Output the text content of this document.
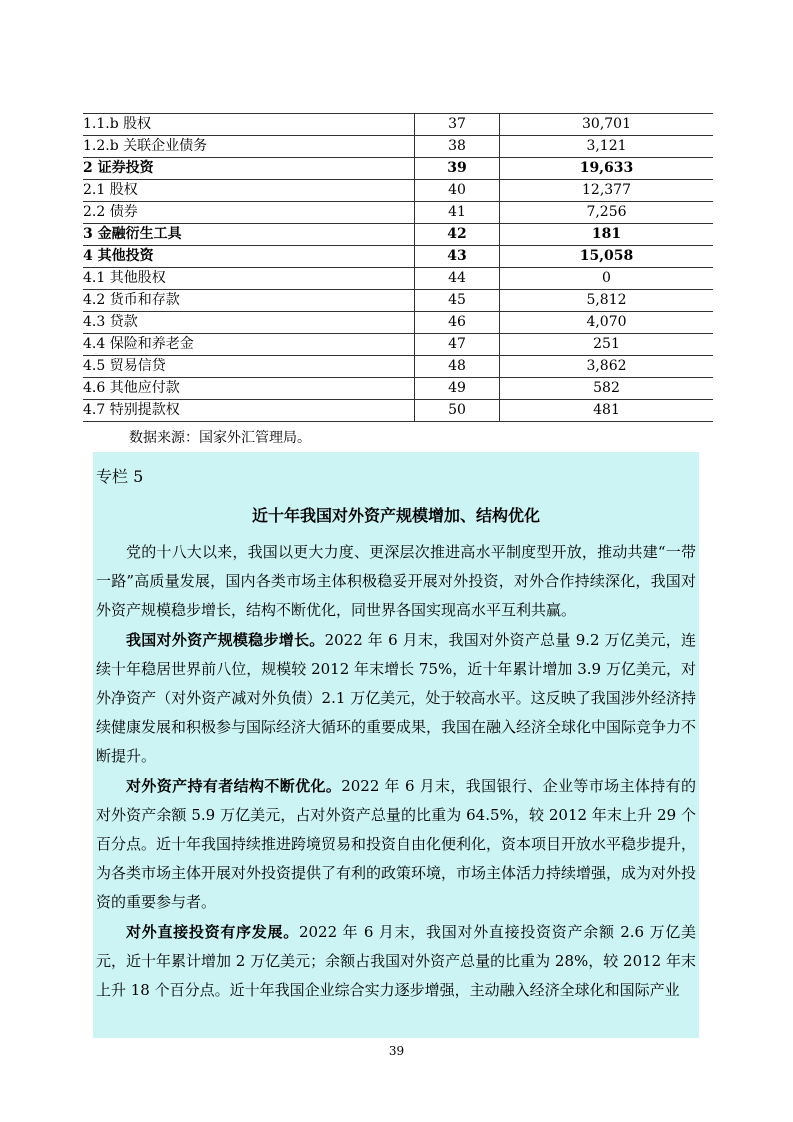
1.1.b 股权	37	30,701
1.2.b 关联企业债务	38	3,121
2 证券投资	39	19,633
2.1 股权	40	12,377
2.2 债券	41	7,256
3 金融衍生工具	42	181
4 其他投资	43	15,058
4.1 其他股权	44	0
4.2 货币和存款	45	5,812
4.3 贷款	46	4,070
4.4 保险和养老金	47	251
4.5 贸易信贷	48	3,862
4.6 其他应付款	49	582
4.7 特别提款权	50	481

数据来源：国家外汇管理局。

专栏 5

近十年我国对外资产规模增加、结构优化

党的十八大以来，我国以更大力度、更深层次推进高水平制度型开放，推动共建“一带一路”高质量发展，国内各类市场主体积极稳妥开展对外投资，对外合作持续深化，我国对外资产规模稳步增长，结构不断优化，同世界各国实现高水平互利共赢。

我国对外资产规模稳步增长。2022 年 6 月末，我国对外资产总量 9.2 万亿美元，连续十年稳居世界前八位，规模较 2012 年末增长 75%，近十年累计增加 3.9 万亿美元，对外净资产（对外资产减对外负债）2.1 万亿美元，处于较高水平。这反映了我国涉外经济持续健康发展和积极参与国际经济大循环的重要成果，我国在融入经济全球化中国际竞争力不断提升。

对外资产持有者结构不断优化。2022 年 6 月末，我国银行、企业等市场主体持有的对外资产余额 5.9 万亿美元，占对外资产总量的比重为 64.5%，较 2012 年末上升 29 个百分点。近十年我国持续推进跨境贸易和投资自由化便利化，资本项目开放水平稳步提升，为各类市场主体开展对外投资提供了有利的政策环境，市场主体活力持续增强，成为对外投资的重要参与者。

对外直接投资有序发展。2022 年 6 月末，我国对外直接投资资产余额 2.6 万亿美元，近十年累计增加 2 万亿美元；余额占我国对外资产总量的比重为 28%，较 2012 年末上升 18 个百分点。近十年我国企业综合实力逐步增强，主动融入经济全球化和国际产业

39
